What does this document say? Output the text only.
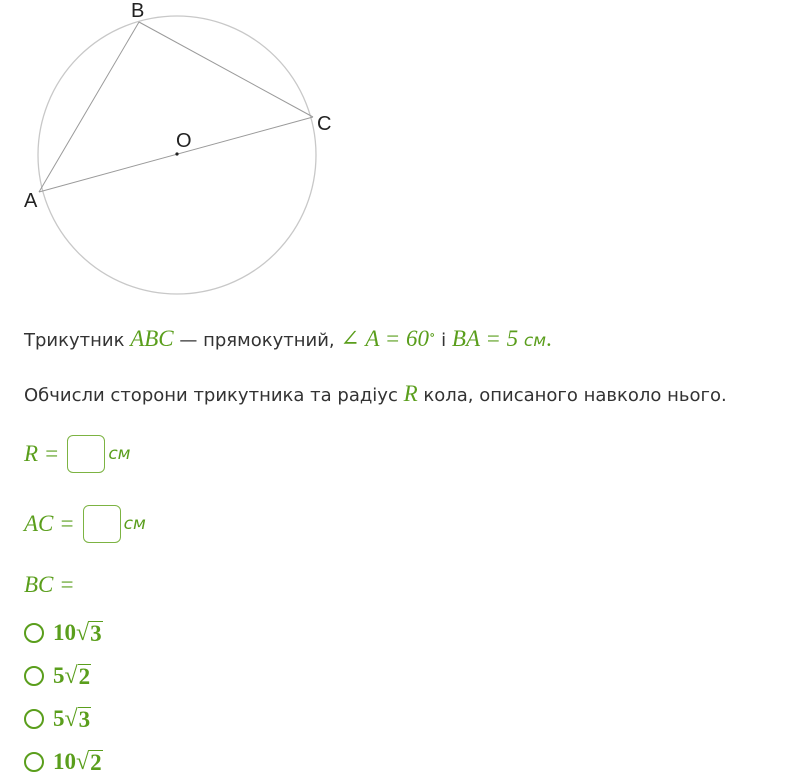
B
C
A
O
Трикутник ABC — прямокутний, ∠ A = 60∘ і BA = 5 см.
Обчисли сторони трикутника та радіус R кола, описаного навколо нього.
R =	см
AC =	см
BC =
10 √ 3
5 √ 2
5 √ 3
10 √ 2
